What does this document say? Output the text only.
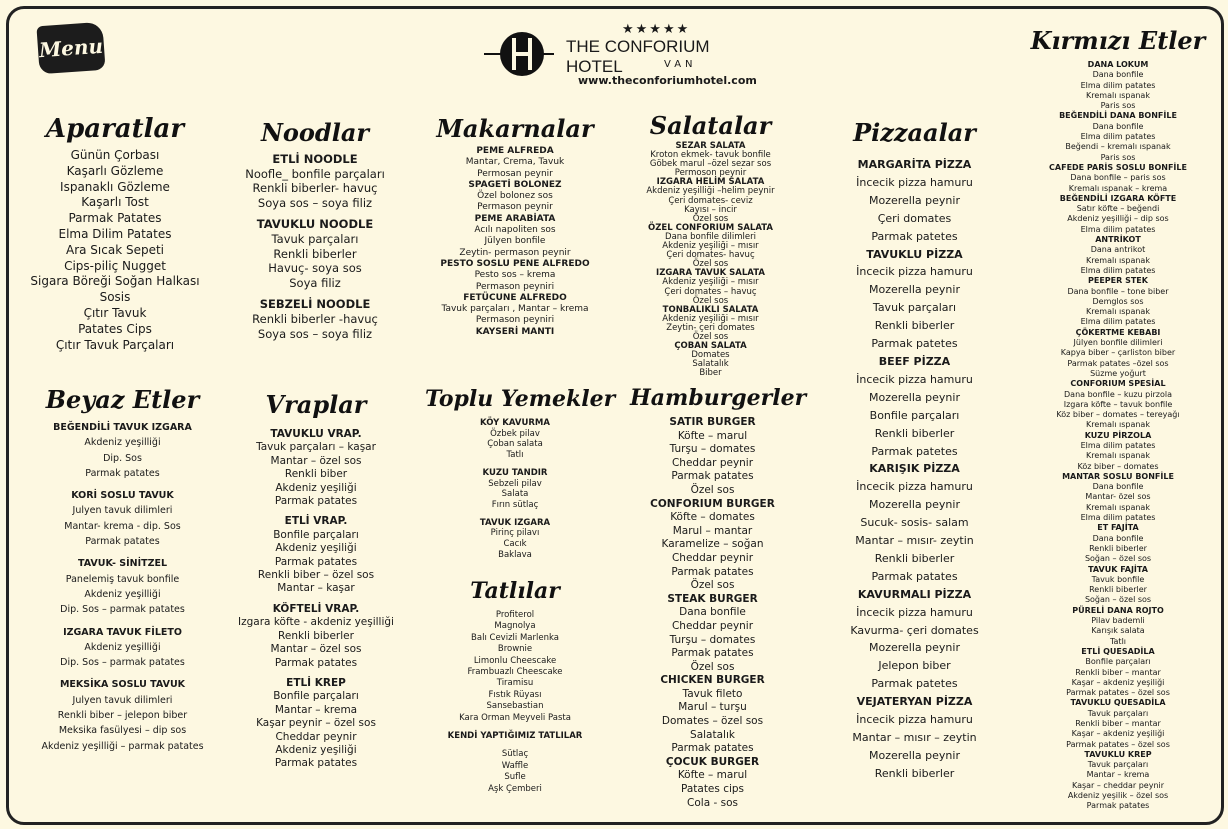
Menu
★★★★★
THE CONFORIUM HOTEL	VAN
www.theconforiumhotel.com
Aparatlar
Günün Çorbası
Kaşarlı Gözleme
Ispanaklı Gözleme
Kaşarlı Tost
Parmak Patates
Elma Dilim Patates
Ara Sıcak Sepeti
Cips-piliç Nugget
Sigara Böreği Soğan Halkası
Sosis
Çıtır Tavuk
Patates Cips
Çıtır Tavuk Parçaları
Beyaz Etler
BEĞENDİLİ TAVUK IZGARA
Akdeniz yeşilliği
Dip. Sos
Parmak patates
KORİ SOSLU TAVUK
Julyen tavuk dilimleri
Mantar- krema - dip. Sos
Parmak patates
TAVUK- SİNİTZEL
Panelemiş tavuk bonfile
Akdeniz yeşilliği
Dip. Sos – parmak patates
IZGARA TAVUK FİLETO
Akdeniz yeşilliği
Dip. Sos – parmak patates
MEKSİKA SOSLU TAVUK
Julyen tavuk dilimleri
Renkli biber – jelepon biber
Meksika fasülyesi – dip sos
Akdeniz yeşilliği – parmak patates
Noodlar
ETLİ NOODLE
Noofle_ bonfile parçaları
Renkli biberler- havuç
Soya sos – soya filiz
TAVUKLU NOODLE
Tavuk parçaları
Renkli biberler
Havuç- soya sos
Soya filiz
SEBZELİ NOODLE
Renkli biberler -havuç
Soya sos – soya filiz
Vraplar
TAVUKLU VRAP.
Tavuk parçaları – kaşar
Mantar – özel sos
Renkli biber
Akdeniz yeşiliği
Parmak patates
ETLİ VRAP.
Bonfile parçaları
Akdeniz yeşiliği
Parmak patates
Renkli biber – özel sos
Mantar – kaşar
KÖFTELİ VRAP.
Izgara köfte - akdeniz yeşilliği
Renkli biberler
Mantar – özel sos
Parmak patates
ETLİ KREP
Bonfile parçaları
Mantar – krema
Kaşar peynir – özel sos
Cheddar peynir
Akdeniz yeşiliği
Parmak patates
Makarnalar
PEME ALFREDA
Mantar, Crema, Tavuk
Permosan peynir
SPAGETİ BOLONEZ
Özel bolonez sos
Permason peynir
PEME ARABİATA
Acılı napoliten sos
Jülyen bonfile
Zeytin- permason peynir
PESTO SOSLU PENE ALFREDO
Pesto sos – krema
Permason peyniri
FETÜCUNE ALFREDO
Tavuk parçaları , Mantar – krema
Permason peyniri
KAYSERİ MANTI
Toplu Yemekler
KÖY KAVURMA
Özbek pilav
Çoban salata
Tatlı
KUZU TANDIR
Sebzeli pilav
Salata
Fırın sütlaç
TAVUK IZGARA
Pirinç pilavı
Cacık
Baklava
Tatlılar
Profiterol
Magnolya
Balı Cevizli Marlenka
Brownie
Limonlu Cheescake
Frambuazlı Cheescake
Tiramisu
Fıstık Rüyası
Sansebastian
Kara Orman Meyveli Pasta
KENDİ YAPTIĞIMIZ TATLILAR
Sütlaç
Waffle
Sufle
Aşk Çemberi
Salatalar
SEZAR SALATA
Kroton ekmek- tavuk bonfile
Göbek marul –özel sezar sos
Permoson peynir
IZGARA HELİM SALATA
Akdeniz yeşilliği –helim peynir
Çeri domates- ceviz
Kayısı – incir
Özel sos
ÖZEL CONFORIUM SALATA
Dana bonfile dilimleri
Akdeniz yeşiliği – mısır
Çeri domates- havuç
Özel sos
IZGARA TAVUK SALATA
Akdeniz yeşiliği – mısır
Çeri domates – havuç
Özel sos
TONBALIKLI SALATA
Akdeniz yeşiliği – mısır
Zeytin- çeri domates
Özel sos
ÇOBAN SALATA
Domates
Salatalık
Biber
Hamburgerler
SATIR BURGER
Köfte – marul
Turşu – domates
Cheddar peynir
Parmak patates
Özel sos
CONFORIUM BURGER
Köfte – domates
Marul – mantar
Karamelize – soğan
Cheddar peynir
Parmak patates
Özel sos
STEAK BURGER
Dana bonfile
Cheddar peynir
Turşu – domates
Parmak patates
Özel sos
CHICKEN BURGER
Tavuk fileto
Marul – turşu
Domates – özel sos
Salatalık
Parmak patates
ÇOCUK BURGER
Köfte – marul
Patates cips
Cola - sos
Pizzaalar
MARGARİTA PİZZA
İncecik pizza hamuru
Mozerella peynir
Çeri domates
Parmak patetes
TAVUKLU PİZZA
İncecik pizza hamuru
Mozerella peynir
Tavuk parçaları
Renkli biberler
Parmak patetes
BEEF PİZZA
İncecik pizza hamuru
Mozerella peynir
Bonfile parçaları
Renkli biberler
Parmak patetes
KARIŞIK PİZZA
İncecik pizza hamuru
Mozerella peynir
Sucuk- sosis- salam
Mantar – mısır- zeytin
Renkli biberler
Parmak patates
KAVURMALI PİZZA
İncecik pizza hamuru
Kavurma- çeri domates
Mozerella peynir
Jelepon biber
Parmak patetes
VEJATERYAN PİZZA
İncecik pizza hamuru
Mantar – mısır – zeytin
Mozerella peynir
Renkli biberler
Kırmızı Etler
DANA LOKUM
Dana bonfile
Elma dilim patates
Kremalı ıspanak
Paris sos
BEĞENDİLİ DANA BONFİLE
Dana bonfile
Elma dilim patates
Beğendi – kremalı ıspanak
Paris sos
CAFEDE PARİS SOSLU BONFİLE
Dana bonfile – paris sos
Kremalı ıspanak – krema
BEĞENDİLİ IZGARA KÖFTE
Satır köfte – beğendi
Akdeniz yeşilliği – dip sos
Elma dilim patates
ANTRİKOT
Dana antrikot
Kremalı ıspanak
Elma dilim patates
PEEPER STEK
Dana bonfile – tone biber
Demglos sos
Kremalı ıspanak
Elma dilim patates
ÇÖKERTME KEBABI
Jülyen bonfile dilimleri
Kapya biber – çarliston biber
Parmak patates –özel sos
Süzme yoğurt
CONFORIUM SPESİAL
Dana bonfile – kuzu pirzola
Izgara köfte – tavuk bonfile
Köz biber – domates – tereyağı
Kremalı ıspanak
KUZU PİRZOLA
Elma dilim patates
Kremalı ıspanak
Köz biber – domates
MANTAR SOSLU BONFİLE
Dana bonfile
Mantar- özel sos
Kremalı ıspanak
Elma dilim patates
ET FAJİTA
Dana bonfile
Renkli biberler
Soğan – özel sos
TAVUK FAJİTA
Tavuk bonfile
Renkli biberler
Soğan – özel sos
PÜRELİ DANA ROJTO
Pilav bademli
Karışık salata
Tatlı
ETLİ QUESADİLA
Bonfile parçaları
Renkli biber – mantar
Kaşar – akdeniz yeşiliği
Parmak patates – özel sos
TAVUKLU QUESADİLA
Tavuk parçaları
Renkli biber – mantar
Kaşar – akdeniz yeşiliği
Parmak patates – özel sos
TAVUKLU KREP
Tavuk parçaları
Mantar – krema
Kaşar – cheddar peynir
Akdeniz yeşilik – özel sos
Parmak patates
